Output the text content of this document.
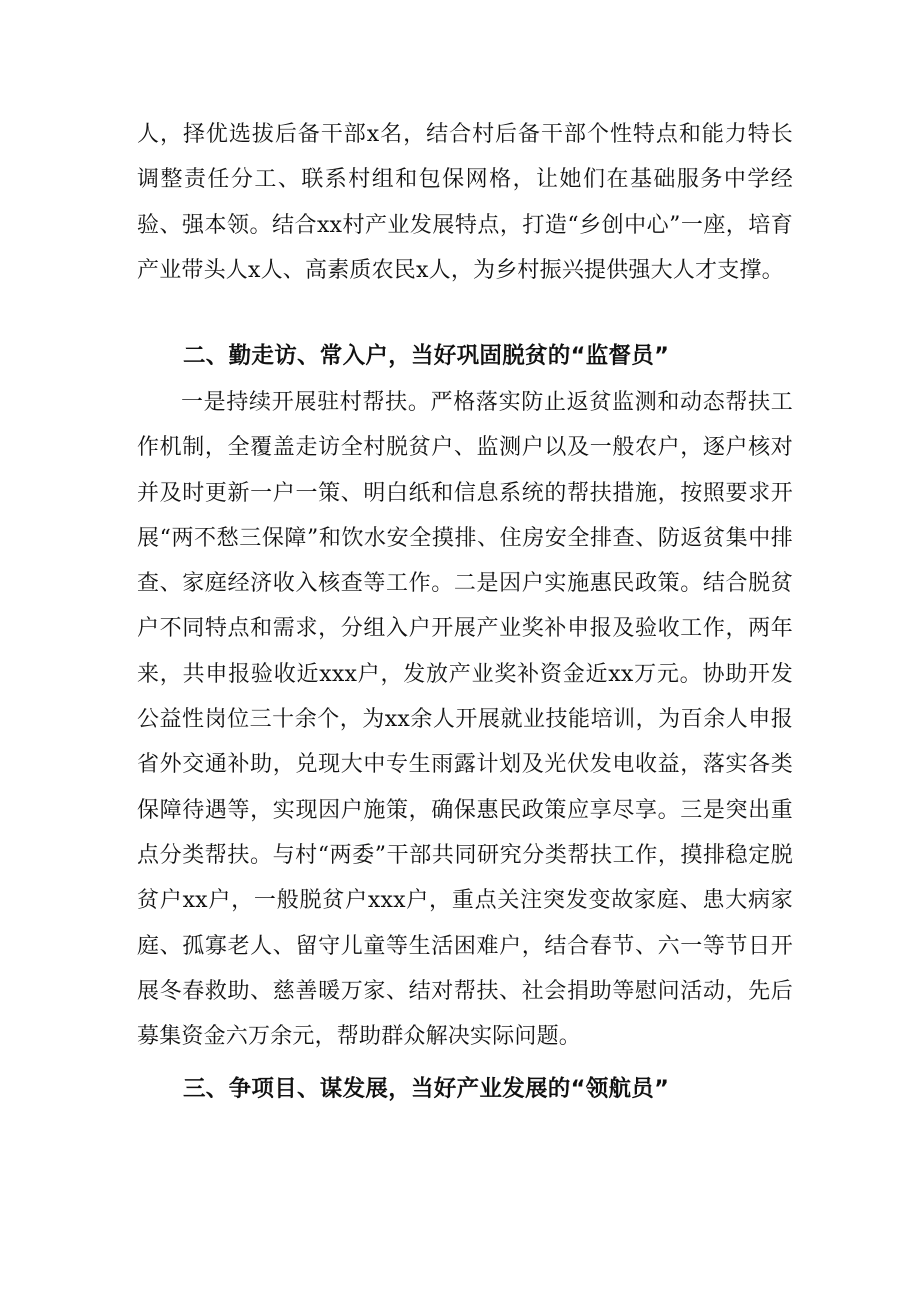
人，择优选拔后备干部x名，结合村后备干部个性特点和能力特长调整责任分工、联系村组和包保网格，让她们在基础服务中学经验、强本领。结合xx村产业发展特点，打造“乡创中心”一座，培育产业带头人x人、高素质农民x人，为乡村振兴提供强大人才支撑。
二、勤走访、常入户，当好巩固脱贫的“监督员”
一是持续开展驻村帮扶。严格落实防止返贫监测和动态帮扶工作机制，全覆盖走访全村脱贫户、监测户以及一般农户，逐户核对并及时更新一户一策、明白纸和信息系统的帮扶措施，按照要求开展“两不愁三保障”和饮水安全摸排、住房安全排查、防返贫集中排查、家庭经济收入核查等工作。二是因户实施惠民政策。结合脱贫户不同特点和需求，分组入户开展产业奖补申报及验收工作，两年来，共申报验收近xxx户，发放产业奖补资金近xx万元。协助开发公益性岗位三十余个，为xx余人开展就业技能培训，为百余人申报省外交通补助，兑现大中专生雨露计划及光伏发电收益，落实各类保障待遇等，实现因户施策，确保惠民政策应享尽享。三是突出重点分类帮扶。与村“两委”干部共同研究分类帮扶工作，摸排稳定脱贫户xx户，一般脱贫户xxx户，重点关注突发变故家庭、患大病家庭、孤寡老人、留守儿童等生活困难户，结合春节、六一等节日开展冬春救助、慈善暖万家、结对帮扶、社会捐助等慰问活动，先后募集资金六万余元，帮助群众解决实际问题。
三、争项目、谋发展，当好产业发展的“领航员”
